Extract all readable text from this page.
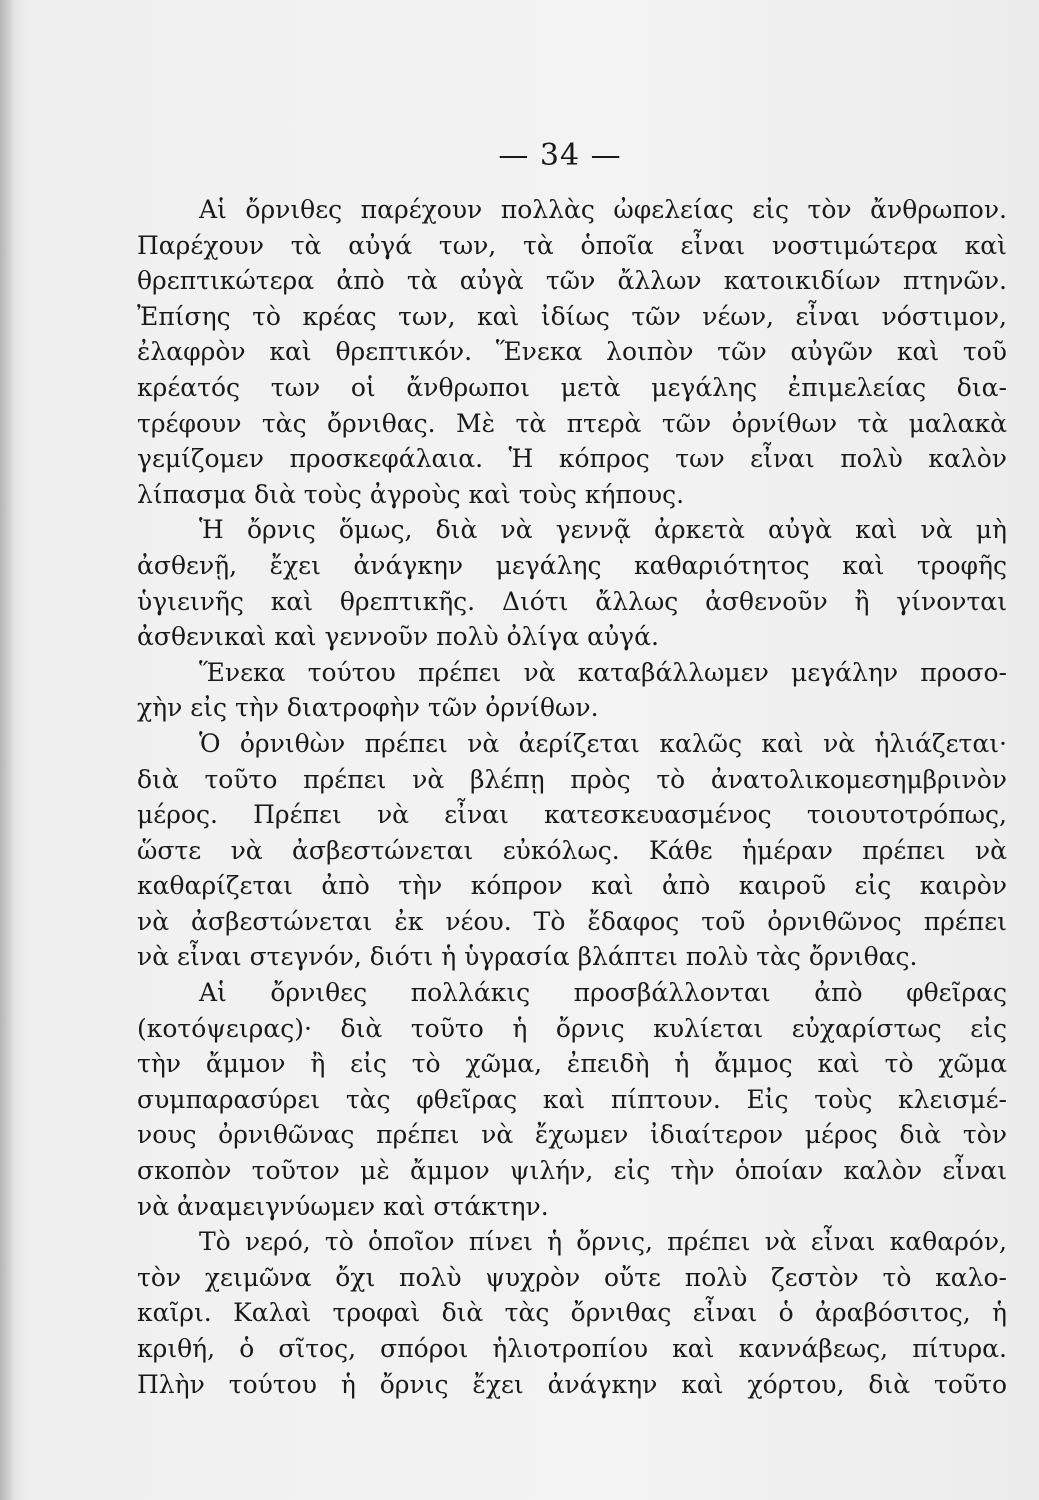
— 34 —
Αἱ ὄρνιθες παρέχουν πολλὰς ὠφελείας εἰς τὸν ἄνθρωπον.
Παρέχουν τὰ αὐγά των, τὰ ὁποῖα εἶναι νοστιμώτερα καὶ
θρεπτικώτερα ἀπὸ τὰ αὐγὰ τῶν ἄλλων κατοικιδίων πτηνῶν.
Ἐπίσης τὸ κρέας των, καὶ ἰδίως τῶν νέων, εἶναι νόστιμον,
ἐλαφρὸν καὶ θρεπτικόν. Ἕνεκα λοιπὸν τῶν αὐγῶν καὶ τοῦ
κρέατός των οἱ ἄνθρωποι μετὰ μεγάλης ἐπιμελείας δια-
τρέφουν τὰς ὄρνιθας. Μὲ τὰ πτερὰ τῶν ὀρνίθων τὰ μαλακὰ
γεμίζομεν προσκεφάλαια. Ἡ κόπρος των εἶναι πολὺ καλὸν
λίπασμα διὰ τοὺς ἀγροὺς καὶ τοὺς κήπους.
Ἡ ὄρνις ὅμως, διὰ νὰ γεννᾷ ἀρκετὰ αὐγὰ καὶ νὰ μὴ
ἀσθενῇ, ἔχει ἀνάγκην μεγάλης καθαριότητος καὶ τροφῆς
ὑγιεινῆς καὶ θρεπτικῆς. Διότι ἄλλως ἀσθενοῦν ἢ γίνονται
ἀσθενικαὶ καὶ γεννοῦν πολὺ ὀλίγα αὐγά.
Ἕνεκα τούτου πρέπει νὰ καταβάλλωμεν μεγάλην προσο-
χὴν εἰς τὴν διατροφὴν τῶν ὀρνίθων.
Ὁ ὀρνιθὼν πρέπει νὰ ἀερίζεται καλῶς καὶ νὰ ἡλιάζεται·
διὰ τοῦτο πρέπει νὰ βλέπῃ πρὸς τὸ ἀνατολικομεσημβρινὸν
μέρος. Πρέπει νὰ εἶναι κατεσκευασμένος τοιουτοτρόπως,
ὥστε νὰ ἀσβεστώνεται εὐκόλως. Κάθε ἡμέραν πρέπει νὰ
καθαρίζεται ἀπὸ τὴν κόπρον καὶ ἀπὸ καιροῦ εἰς καιρὸν
νὰ ἀσβεστώνεται ἐκ νέου. Τὸ ἔδαφος τοῦ ὀρνιθῶνος πρέπει
νὰ εἶναι στεγνόν, διότι ἡ ὑγρασία βλάπτει πολὺ τὰς ὄρνιθας.
Αἱ ὄρνιθες πολλάκις προσβάλλονται ἀπὸ φθεῖρας
(κοτόψειρας)· διὰ τοῦτο ἡ ὄρνις κυλίεται εὐχαρίστως εἰς
τὴν ἄμμον ἢ εἰς τὸ χῶμα, ἐπειδὴ ἡ ἄμμος καὶ τὸ χῶμα
συμπαρασύρει τὰς φθεῖρας καὶ πίπτουν. Εἰς τοὺς κλεισμέ-
νους ὀρνιθῶνας πρέπει νὰ ἔχωμεν ἰδιαίτερον μέρος διὰ τὸν
σκοπὸν τοῦτον μὲ ἄμμον ψιλήν, εἰς τὴν ὁποίαν καλὸν εἶναι
νὰ ἀναμειγνύωμεν καὶ στάκτην.
Τὸ νερό, τὸ ὁποῖον πίνει ἡ ὄρνις, πρέπει νὰ εἶναι καθαρόν,
τὸν χειμῶνα ὄχι πολὺ ψυχρὸν οὔτε πολὺ ζεστὸν τὸ καλο-
καῖρι. Καλαὶ τροφαὶ διὰ τὰς ὄρνιθας εἶναι ὁ ἀραβόσιτος, ἡ
κριθή, ὁ σῖτος, σπόροι ἡλιοτροπίου καὶ καννάβεως, πίτυρα.
Πλὴν τούτου ἡ ὄρνις ἔχει ἀνάγκην καὶ χόρτου, διὰ τοῦτο
